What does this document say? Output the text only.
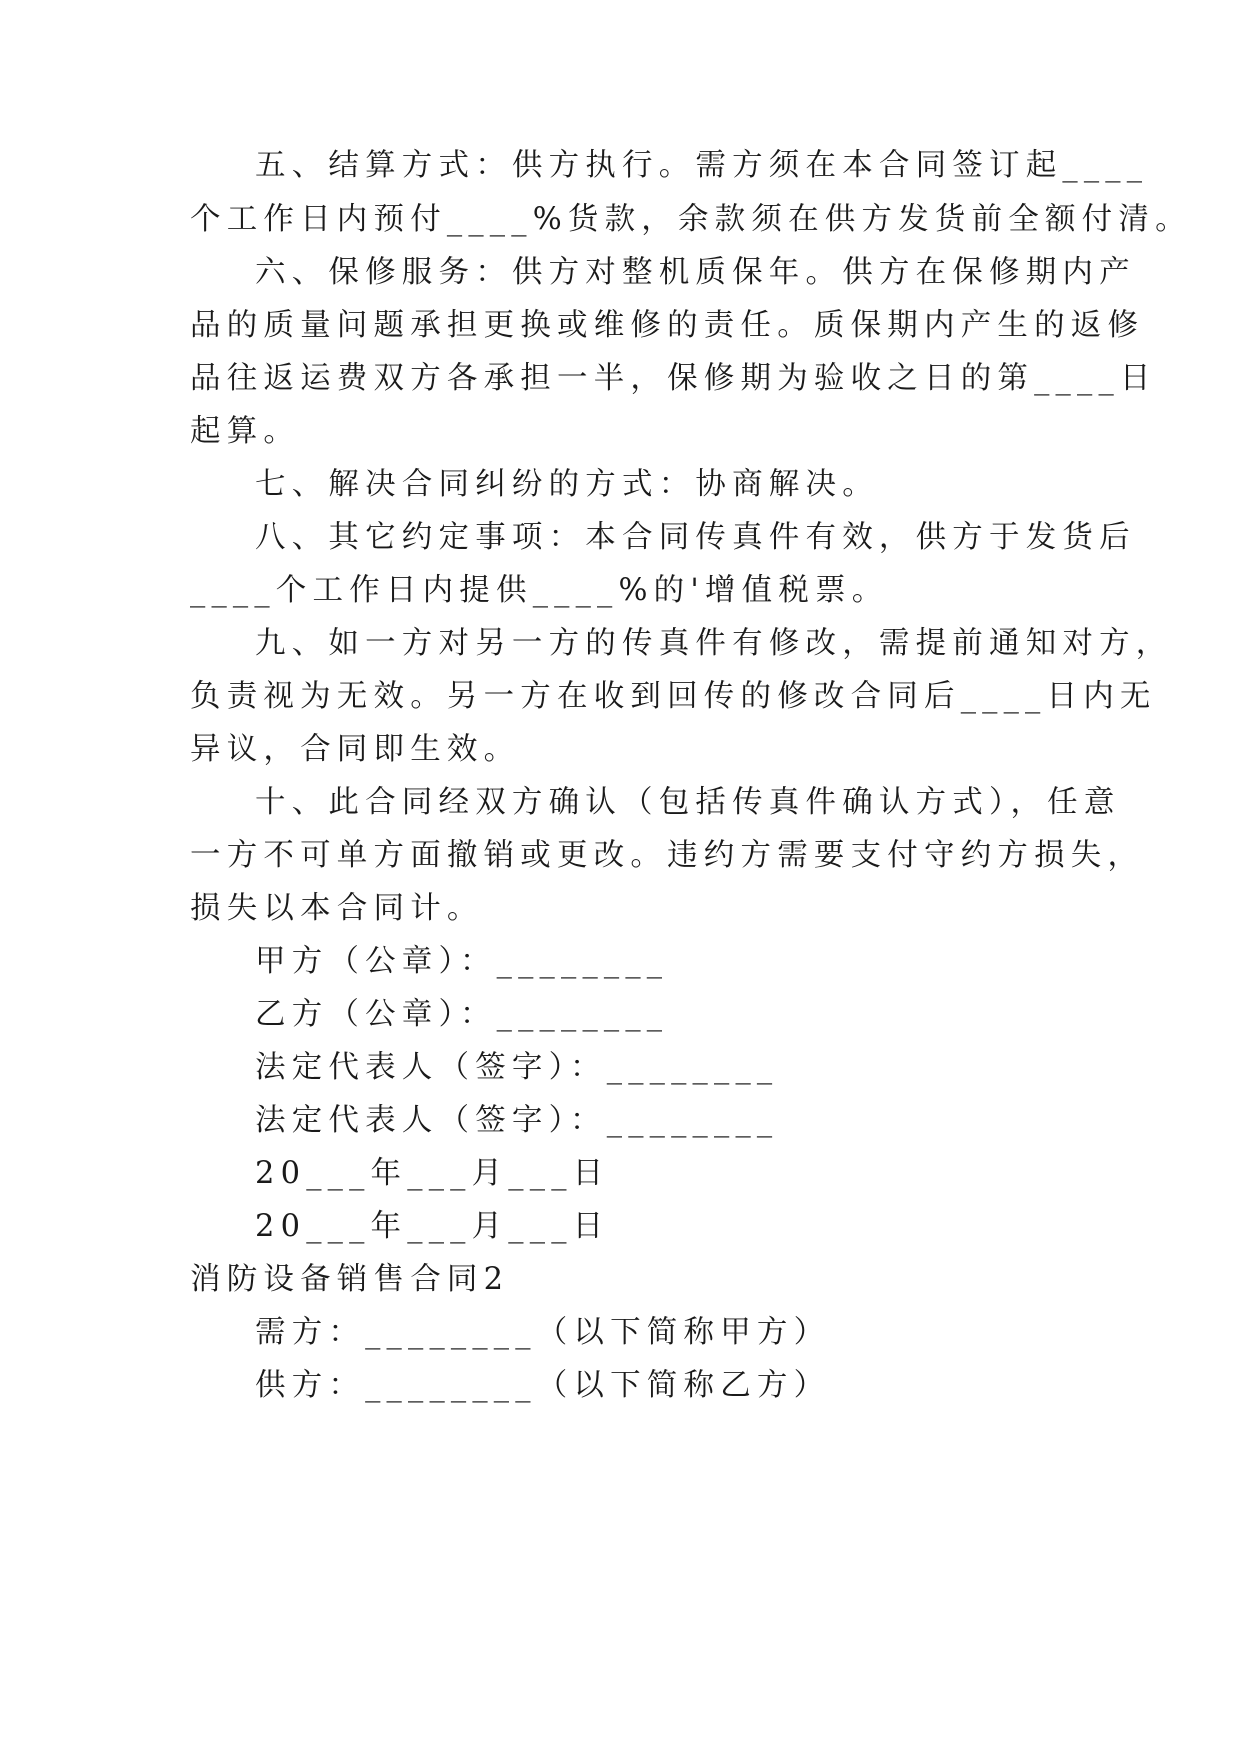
五、结算方式：供方执行。需方须在本合同签订起____
个工作日内预付____%货款，余款须在供方发货前全额付清。
六、保修服务：供方对整机质保年。供方在保修期内产
品的质量问题承担更换或维修的责任。质保期内产生的返修
品往返运费双方各承担一半，保修期为验收之日的第____日
起算。
七、解决合同纠纷的方式：协商解决。
八、其它约定事项：本合同传真件有效，供方于发货后
____个工作日内提供____%的'增值税票。
九、如一方对另一方的传真件有修改，需提前通知对方，
负责视为无效。另一方在收到回传的修改合同后____日内无
异议，合同即生效。
十、此合同经双方确认（包括传真件确认方式），任意
一方不可单方面撤销或更改。违约方需要支付守约方损失，
损失以本合同计。
甲方（公章）：________
乙方（公章）：________
法定代表人（签字）：________
法定代表人（签字）：________
20___年___月___日
20___年___月___日
消防设备销售合同2
需方：________（以下简称甲方）
供方：________（以下简称乙方）
